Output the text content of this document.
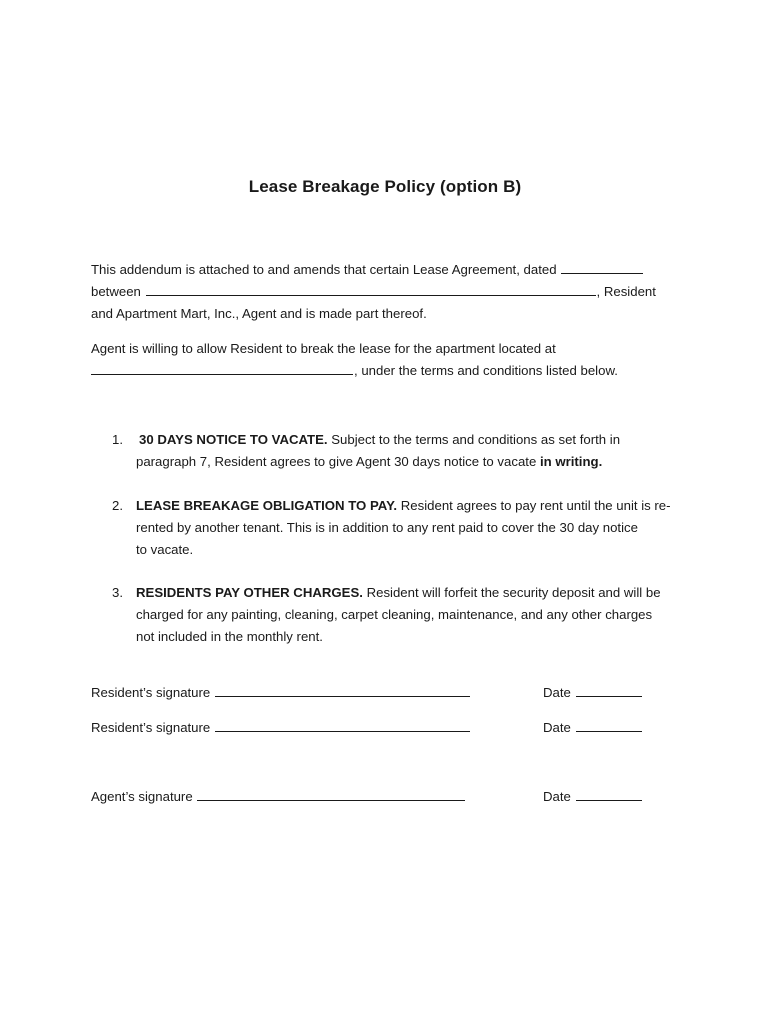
Lease Breakage Policy (option B)
This addendum is attached to and amends that certain Lease Agreement, dated
between	, Resident
and Apartment Mart, Inc., Agent and is made part thereof.
Agent is willing to allow Resident to break the lease for the apartment located at
, under the terms and conditions listed below.
1. 30 DAYS NOTICE TO VACATE. Subject to the terms and conditions as set forth in
paragraph 7, Resident agrees to give Agent 30 days notice to vacate in writing.
2. LEASE BREAKAGE OBLIGATION TO PAY. Resident agrees to pay rent until the unit is re-
rented by another tenant. This is in addition to any rent paid to cover the 30 day notice
to vacate.
3. RESIDENTS PAY OTHER CHARGES. Resident will forfeit the security deposit and will be
charged for any painting, cleaning, carpet cleaning, maintenance, and any other charges
not included in the monthly rent.
Resident’s signature	Date
Resident’s signature	Date
Agent’s signature	Date
